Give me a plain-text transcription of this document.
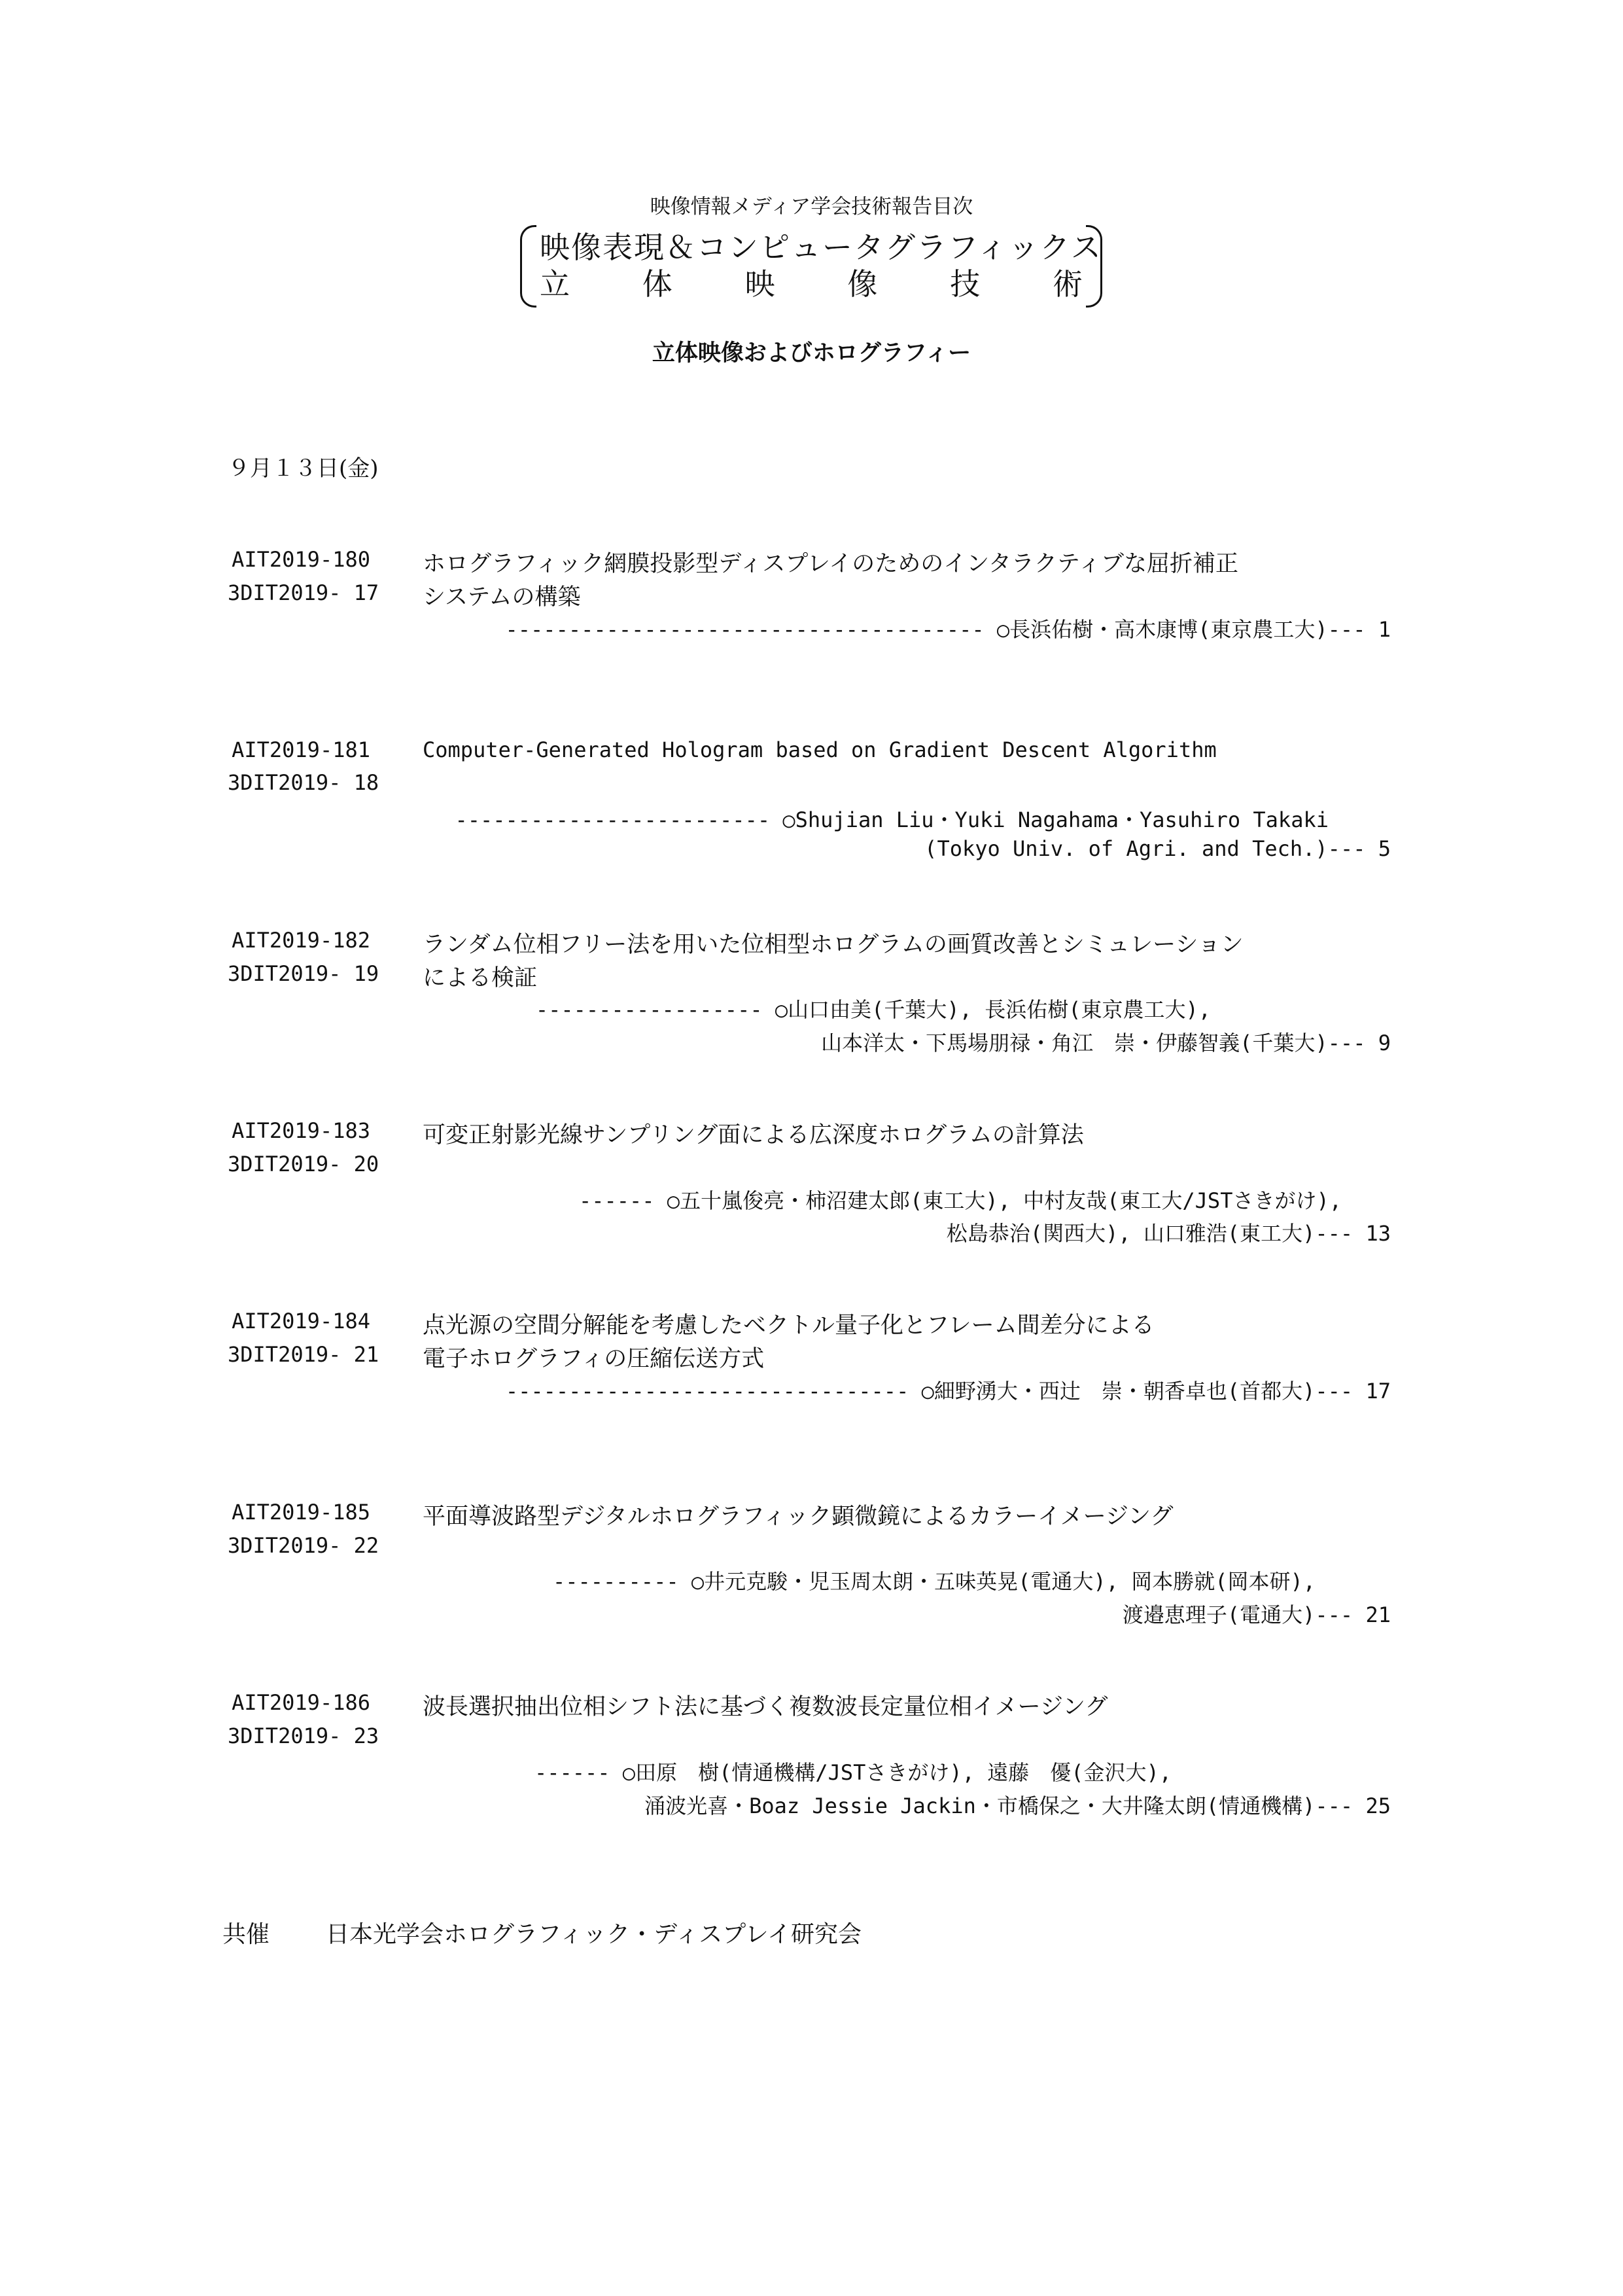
映像情報メディア学会技術報告目次
映像表現＆コンピュータグラフィックス
立 体 映 像 技 術
立体映像およびホログラフィー
９月１３日(金)
AIT2019-180
3DIT2019- 17
ホログラフィック網膜投影型ディスプレイのためのインタラクティブな屈折補正
システムの構築
-------------------------------------- ○長浜佑樹・高木康博(東京農工大)--- 1
AIT2019-181
3DIT2019- 18
Computer-Generated Hologram based on Gradient Descent Algorithm
------------------------- ○Shujian Liu・Yuki Nagahama・Yasuhiro Takaki
(Tokyo Univ. of Agri. and Tech.)--- 5
AIT2019-182
3DIT2019- 19
ランダム位相フリー法を用いた位相型ホログラムの画質改善とシミュレーション
による検証
------------------ ○山口由美(千葉大), 長浜佑樹(東京農工大),
山本洋太・下馬場朋禄・角江　崇・伊藤智義(千葉大)--- 9
AIT2019-183
3DIT2019- 20
可変正射影光線サンプリング面による広深度ホログラムの計算法
------ ○五十嵐俊亮・柿沼建太郎(東工大), 中村友哉(東工大/JSTさきがけ),
松島恭治(関西大), 山口雅浩(東工大)--- 13
AIT2019-184
3DIT2019- 21
点光源の空間分解能を考慮したベクトル量子化とフレーム間差分による
電子ホログラフィの圧縮伝送方式
-------------------------------- ○細野湧大・西辻　崇・朝香卓也(首都大)--- 17
AIT2019-185
3DIT2019- 22
平面導波路型デジタルホログラフィック顕微鏡によるカラーイメージング
---------- ○井元克駿・児玉周太朗・五味英晃(電通大), 岡本勝就(岡本研),
渡邉恵理子(電通大)--- 21
AIT2019-186
3DIT2019- 23
波長選択抽出位相シフト法に基づく複数波長定量位相イメージング
------ ○田原　樹(情通機構/JSTさきがけ), 遠藤　優(金沢大),
涌波光喜・Boaz Jessie Jackin・市橋保之・大井隆太朗(情通機構)--- 25
共催 日本光学会ホログラフィック・ディスプレイ研究会
